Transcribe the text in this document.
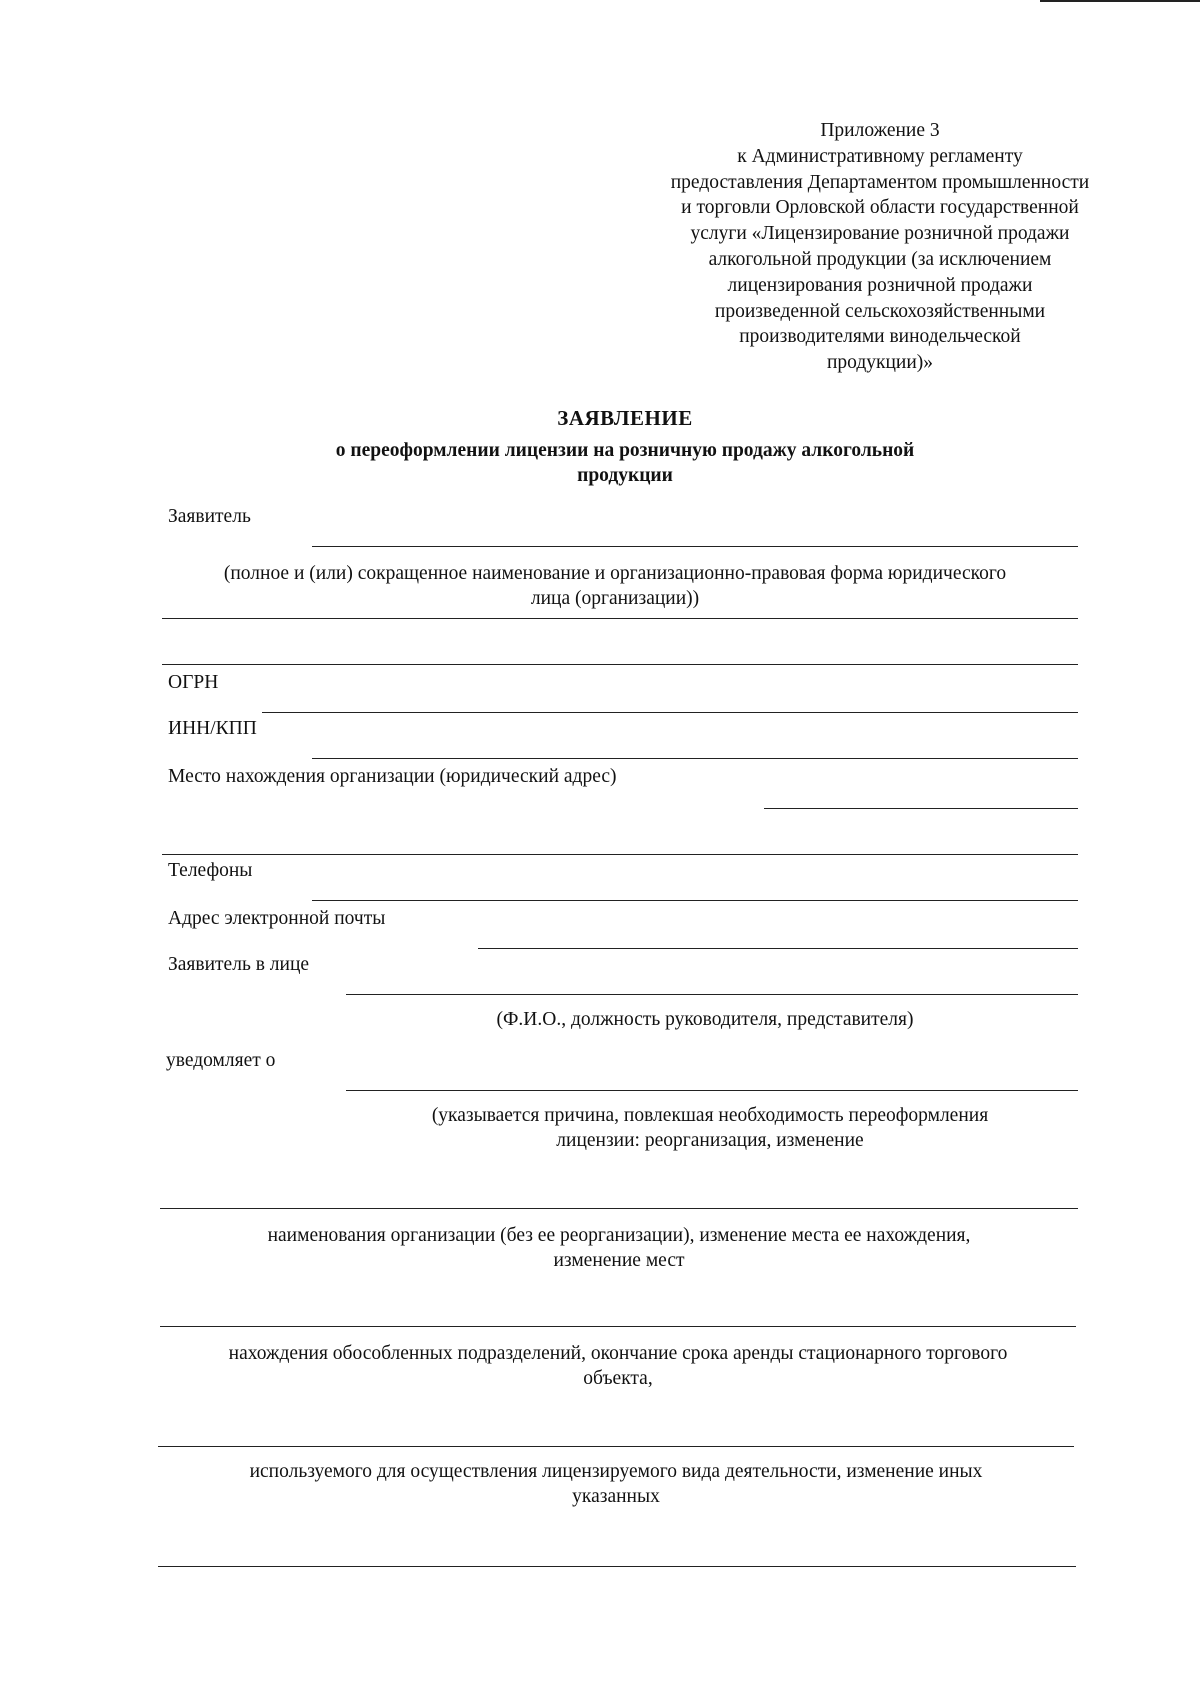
Приложение 3
к Административному регламенту
предоставления Департаментом промышленности
и торговли Орловской области государственной
услуги «Лицензирование розничной продажи
алкогольной продукции (за исключением
лицензирования розничной продажи
произведенной сельскохозяйственными
производителями винодельческой
продукции)»
ЗАЯВЛЕНИЕ
о переоформлении лицензии на розничную продажу алкогольной
продукции
Заявитель
(полное и (или) сокращенное наименование и организационно-правовая форма юридического
лица (организации))
ОГРН
ИНН/КПП
Место нахождения организации (юридический адрес)
Телефоны
Адрес электронной почты
Заявитель в лице
(Ф.И.О., должность руководителя, представителя)
уведомляет о
(указывается причина, повлекшая необходимость переоформления
лицензии: реорганизация, изменение
наименования организации (без ее реорганизации), изменение места ее нахождения,
изменение мест
нахождения обособленных подразделений, окончание срока аренды стационарного торгового
объекта,
используемого для осуществления лицензируемого вида деятельности, изменение иных
указанных
